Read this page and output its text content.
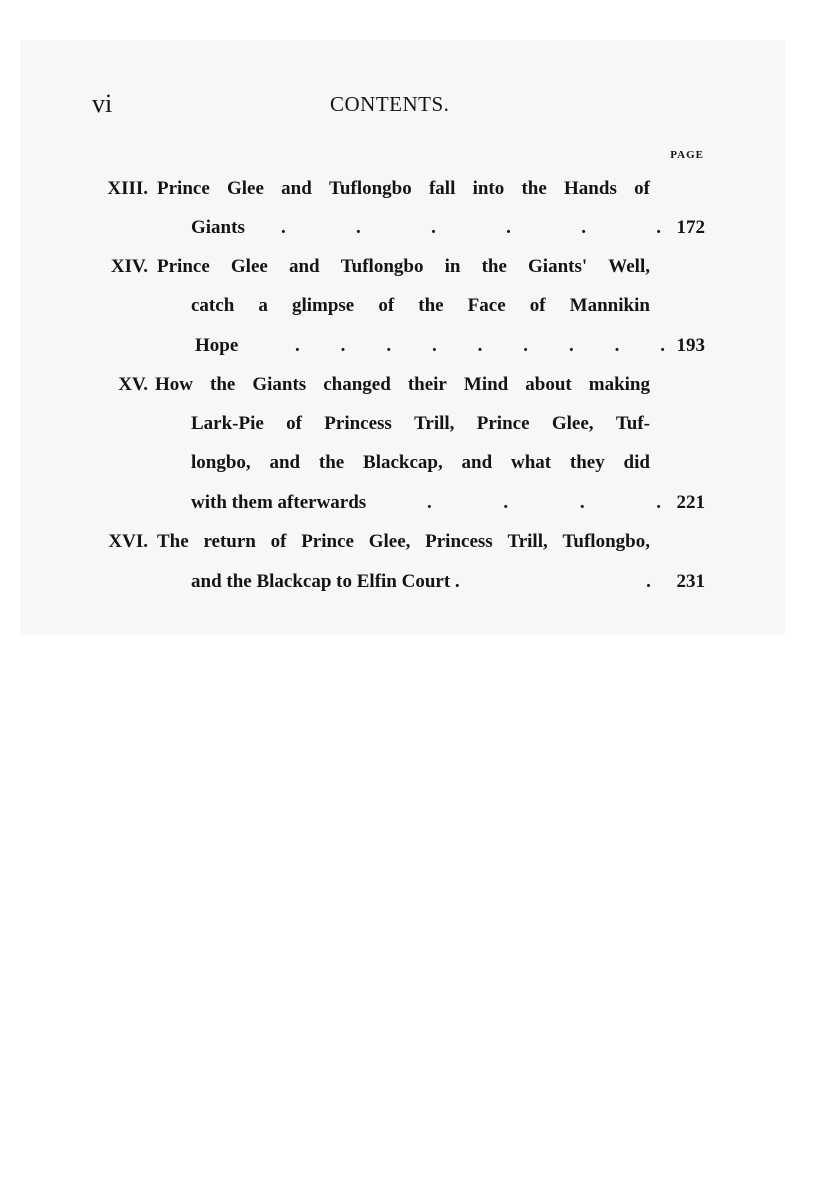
vi	CONTENTS.
PAGE
XIII. Prince Glee and Tuflongbo fall into the Hands of
Giants .	.	.	.	.	. 172
XIV. Prince Glee and Tuflongbo in the Giants' Well,
catch a glimpse of the Face of Mannikin
Hope	. . . . . . . . . 193
XV. How the Giants changed their Mind about making
Lark-Pie of Princess Trill, Prince Glee, Tuf-
longbo, and the Blackcap, and what they did
with them afterwards	.	.	.	. 221
XVI. The return of Prince Glee, Princess Trill, Tuflongbo,
and the Blackcap to Elfin Court .	. 231
